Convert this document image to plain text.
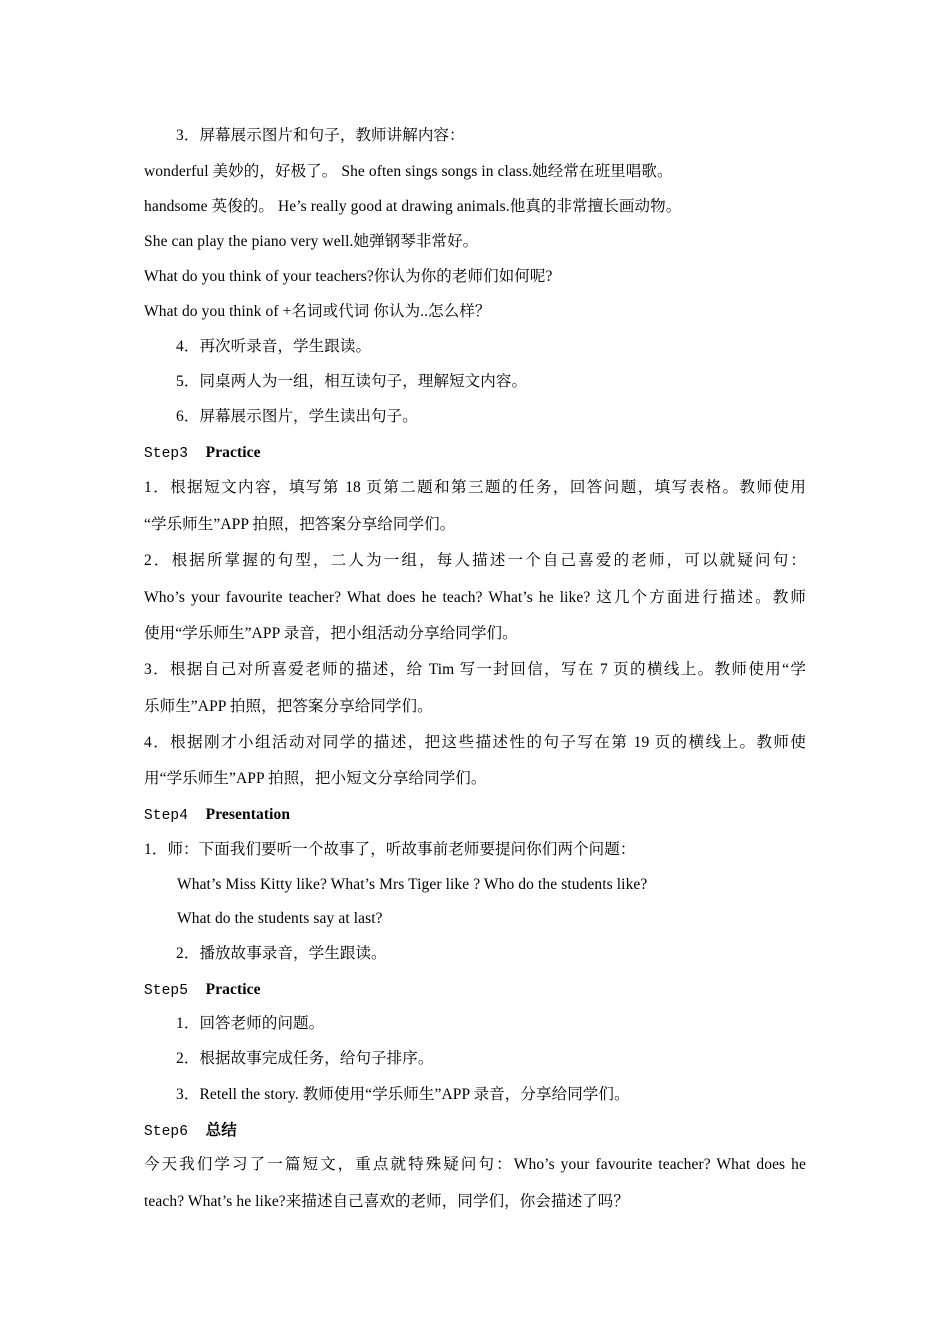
3．屏幕展示图片和句子，教师讲解内容：
wonderful 美妙的，好极了。 She often sings songs in class.她经常在班里唱歌。
handsome 英俊的。 He’s really good at drawing animals.他真的非常擅长画动物。
She can play the piano very well.她弹钢琴非常好。
What do you think of your teachers?你认为你的老师们如何呢?
What do you think of +名词或代词 你认为..怎么样？
4．再次听录音，学生跟读。
5．同桌两人为一组，相互读句子，理解短文内容。
6．屏幕展示图片，学生读出句子。
Step3 Practice
1．根据短文内容，填写第 18 页第二题和第三题的任务，回答问题，填写表格。教师使用
“学乐师生”APP 拍照，把答案分享给同学们。
2．根据所掌握的句型，二人为一组，每人描述一个自己喜爱的老师，可以就疑问句：
Who’s your favourite teacher? What does he teach? What’s he like? 这几个方面进行描述。教师
使用“学乐师生”APP 录音，把小组活动分享给同学们。
3．根据自己对所喜爱老师的描述，给 Tim 写一封回信，写在 7 页的横线上。教师使用“学
乐师生”APP 拍照，把答案分享给同学们。
4．根据刚才小组活动对同学的描述，把这些描述性的句子写在第 19 页的横线上。教师使
用“学乐师生”APP 拍照，把小短文分享给同学们。
Step4 Presentation
1．师：下面我们要听一个故事了，听故事前老师要提问你们两个问题：
What’s Miss Kitty like? What’s Mrs Tiger like ? Who do the students like?
What do the students say at last?
2．播放故事录音，学生跟读。
Step5 Practice
1．回答老师的问题。
2．根据故事完成任务，给句子排序。
3．Retell the story. 教师使用“学乐师生”APP 录音，分享给同学们。
Step6 总结
今天我们学习了一篇短文，重点就特殊疑问句：Who’s your favourite teacher? What does he
teach? What’s he like?来描述自己喜欢的老师，同学们，你会描述了吗？
